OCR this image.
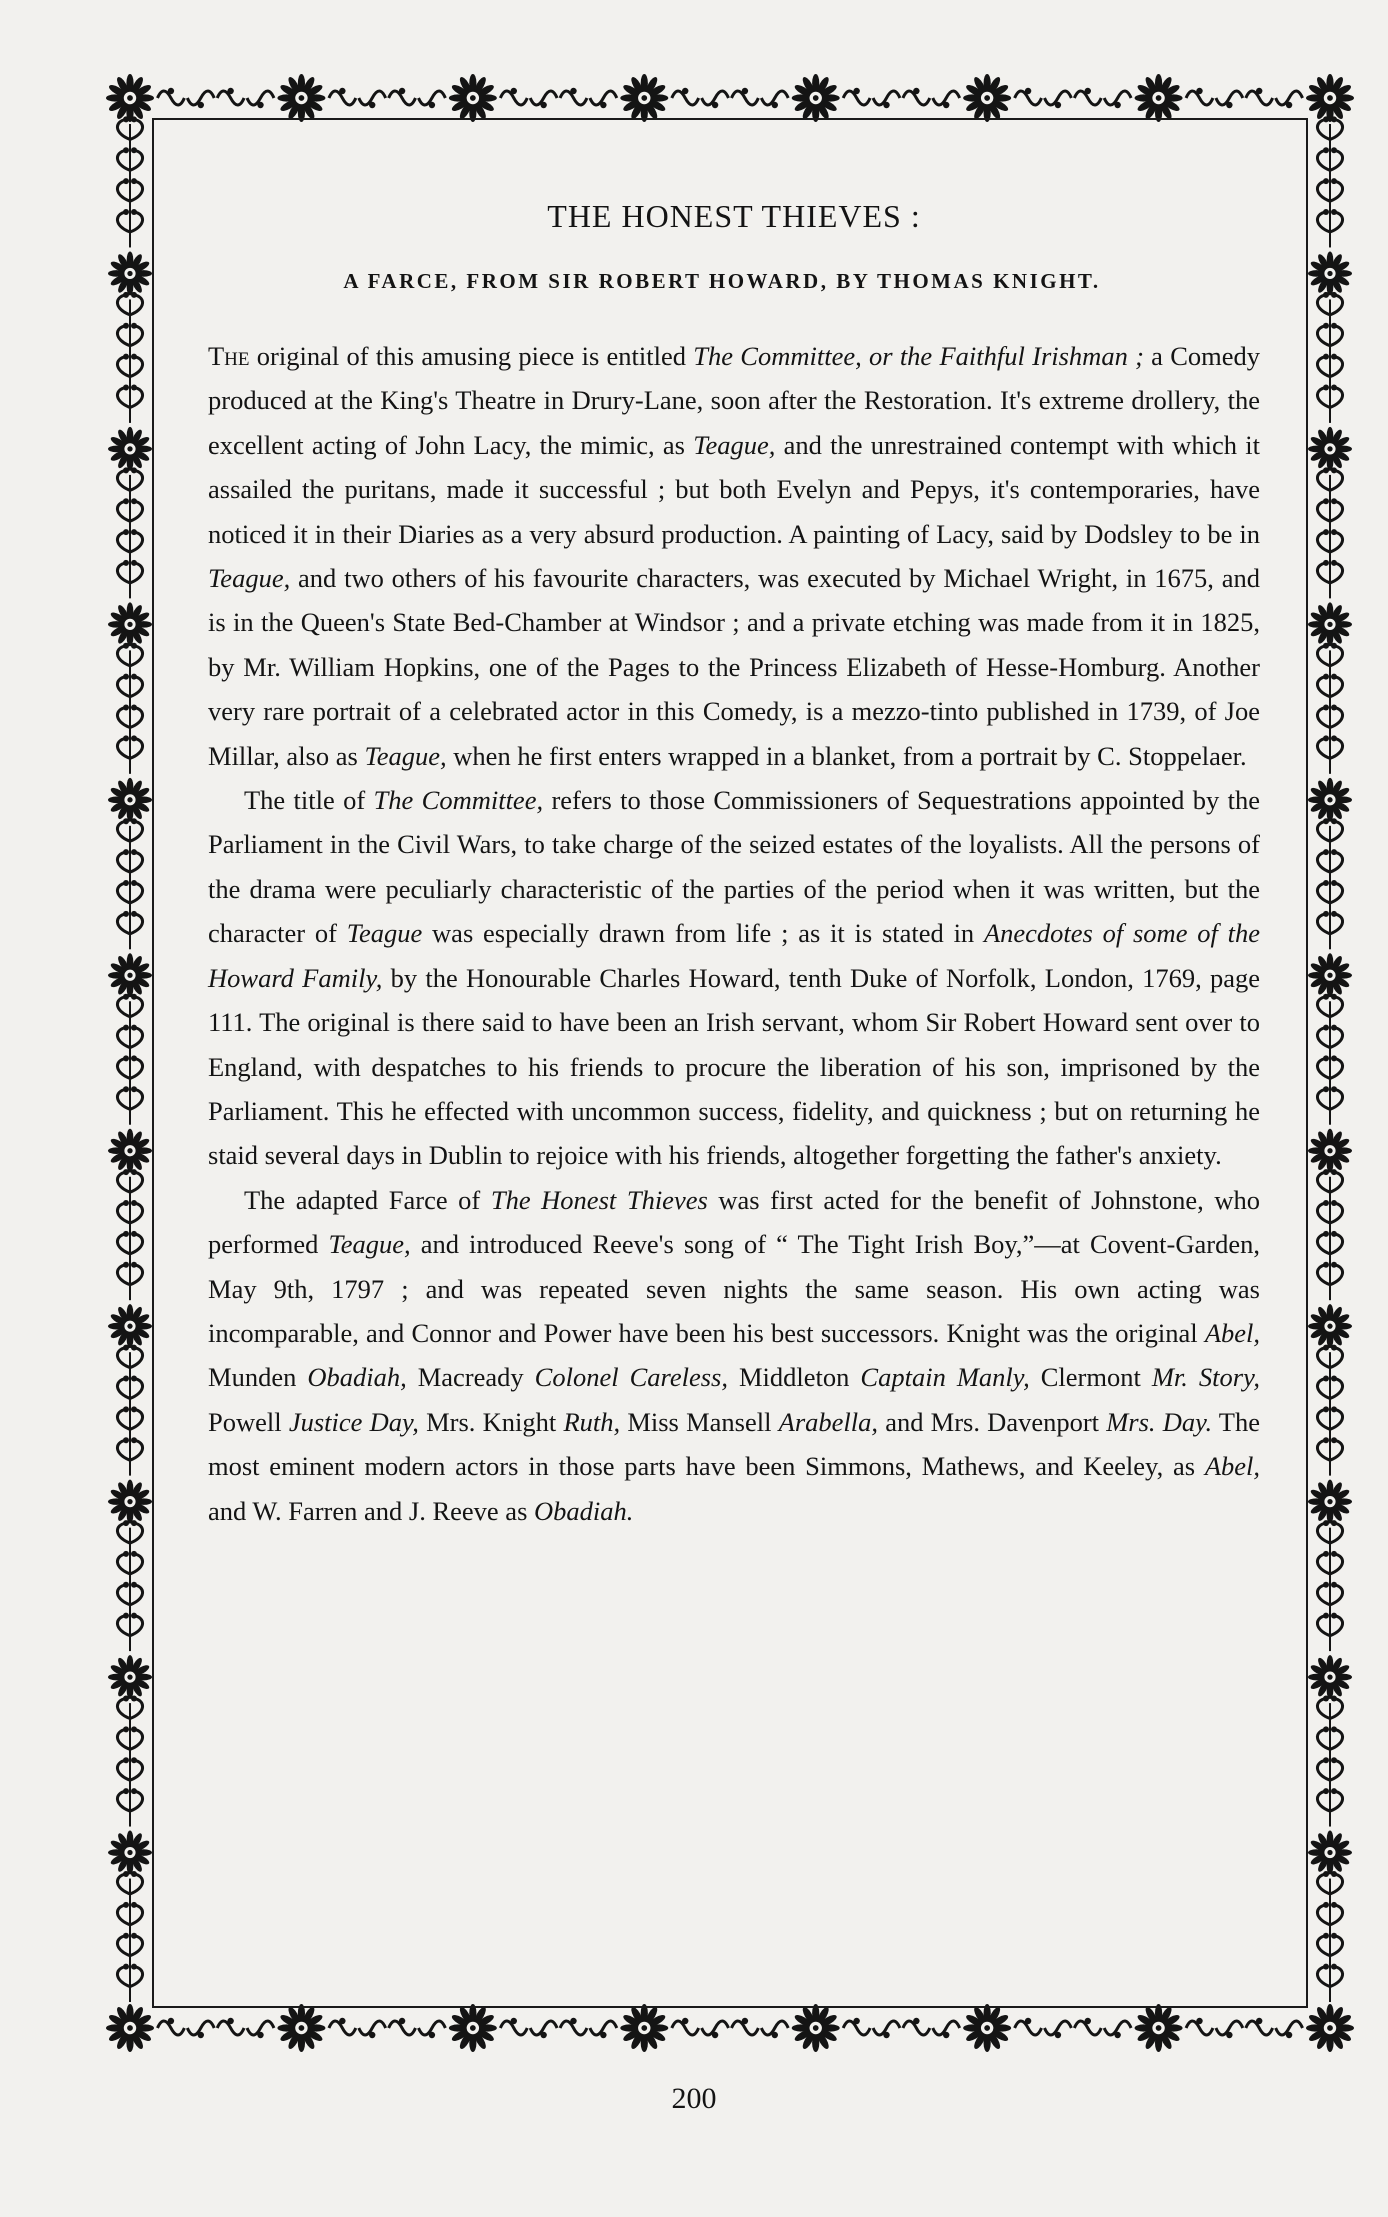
THE HONEST THIEVES :
A FARCE, FROM SIR ROBERT HOWARD, BY THOMAS KNIGHT.

The original of this amusing piece is entitled The Committee, or the Faithful Irishman ; a Comedy produced at the King's Theatre in Drury-Lane, soon after the Restoration. It's extreme drollery, the excellent acting of John Lacy, the mimic, as Teague, and the unrestrained contempt with which it assailed the puritans, made it successful ; but both Evelyn and Pepys, it's contemporaries, have noticed it in their Diaries as a very absurd production. A painting of Lacy, said by Dodsley to be in Teague, and two others of his favourite characters, was executed by Michael Wright, in 1675, and is in the Queen's State Bed-Chamber at Windsor ; and a private etching was made from it in 1825, by Mr. William Hopkins, one of the Pages to the Princess Elizabeth of Hesse-Homburg. Another very rare portrait of a celebrated actor in this Comedy, is a mezzo-tinto published in 1739, of Joe Millar, also as Teague, when he first enters wrapped in a blanket, from a portrait by C. Stoppelaer.

The title of The Committee, refers to those Commissioners of Sequestrations appointed by the Parliament in the Civil Wars, to take charge of the seized estates of the loyalists. All the persons of the drama were peculiarly characteristic of the parties of the period when it was written, but the character of Teague was especially drawn from life ; as it is stated in Anecdotes of some of the Howard Family, by the Honourable Charles Howard, tenth Duke of Norfolk, London, 1769, page 111. The original is there said to have been an Irish servant, whom Sir Robert Howard sent over to England, with despatches to his friends to procure the liberation of his son, imprisoned by the Parliament. This he effected with uncommon success, fidelity, and quickness ; but on returning he staid several days in Dublin to rejoice with his friends, altogether forgetting the father's anxiety.

The adapted Farce of The Honest Thieves was first acted for the benefit of Johnstone, who performed Teague, and introduced Reeve's song of “ The Tight Irish Boy,”—at Covent-Garden, May 9th, 1797 ; and was repeated seven nights the same season. His own acting was incomparable, and Connor and Power have been his best successors. Knight was the original Abel, Munden Obadiah, Macready Colonel Careless, Middleton Captain Manly, Clermont Mr. Story, Powell Justice Day, Mrs. Knight Ruth, Miss Mansell Arabella, and Mrs. Davenport Mrs. Day. The most eminent modern actors in those parts have been Simmons, Mathews, and Keeley, as Abel, and W. Farren and J. Reeve as Obadiah.

200
